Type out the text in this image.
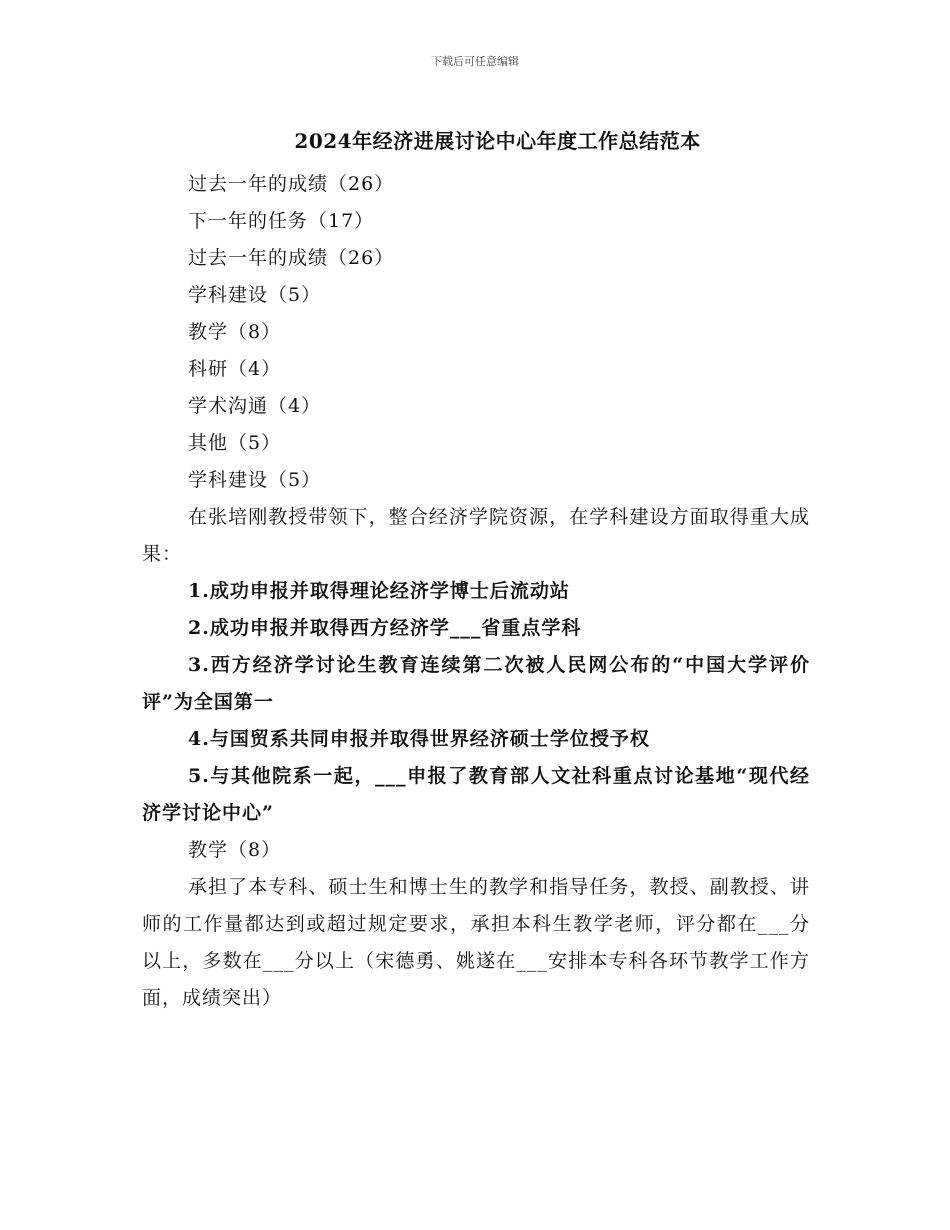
下载后可任意编辑
2024年经济进展讨论中心年度工作总结范本

过去一年的成绩（26）

下一年的任务（17）

过去一年的成绩（26）

学科建设（5）

教学（8）

科研（4）

学术沟通（4）

其他（5）

学科建设（5）

在张培刚教授带领下，整合经济学院资源，在学科建设方面取得重大成果：

1.成功申报并取得理论经济学博士后流动站

2.成功申报并取得西方经济学___省重点学科

3.西方经济学讨论生教育连续第二次被人民网公布的“中国大学评价评”为全国第一

4.与国贸系共同申报并取得世界经济硕士学位授予权

5.与其他院系一起，___申报了教育部人文社科重点讨论基地“现代经济学讨论中心”

教学（8）

承担了本专科、硕士生和博士生的教学和指导任务，教授、副教授、讲师的工作量都达到或超过规定要求，承担本科生教学老师，评分都在___分以上，多数在___分以上（宋德勇、姚遂在___安排本专科各环节教学工作方面，成绩突出）
